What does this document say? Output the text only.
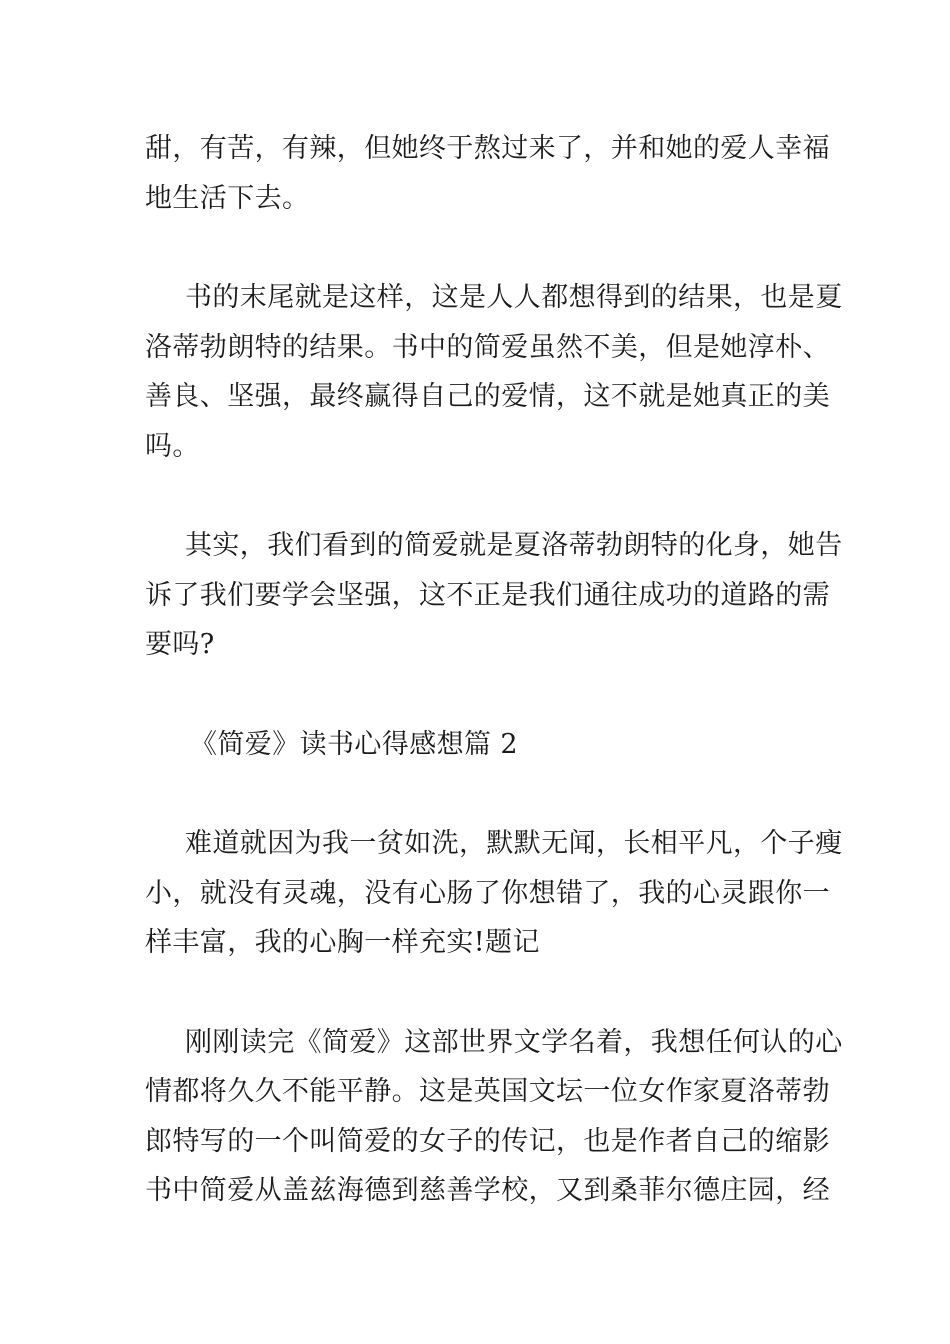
甜，有苦，有辣，但她终于熬过来了，并和她的爱人幸福

地生活下去。

书的末尾就是这样，这是人人都想得到的结果，也是夏

洛蒂勃朗特的结果。书中的简爱虽然不美，但是她淳朴、

善良、坚强，最终赢得自己的爱情，这不就是她真正的美

吗。

其实，我们看到的简爱就是夏洛蒂勃朗特的化身，她告

诉了我们要学会坚强，这不正是我们通往成功的道路的需

要吗?

《简爱》读书心得感想篇 2

难道就因为我一贫如洗，默默无闻，长相平凡，个子瘦

小，就没有灵魂，没有心肠了你想错了，我的心灵跟你一

样丰富，我的心胸一样充实!题记

刚刚读完《简爱》这部世界文学名着，我想任何认的心

情都将久久不能平静。这是英国文坛一位女作家夏洛蒂勃

郎特写的一个叫简爱的女子的传记，也是作者自己的缩影

书中简爱从盖兹海德到慈善学校，又到桑菲尔德庄园，经
